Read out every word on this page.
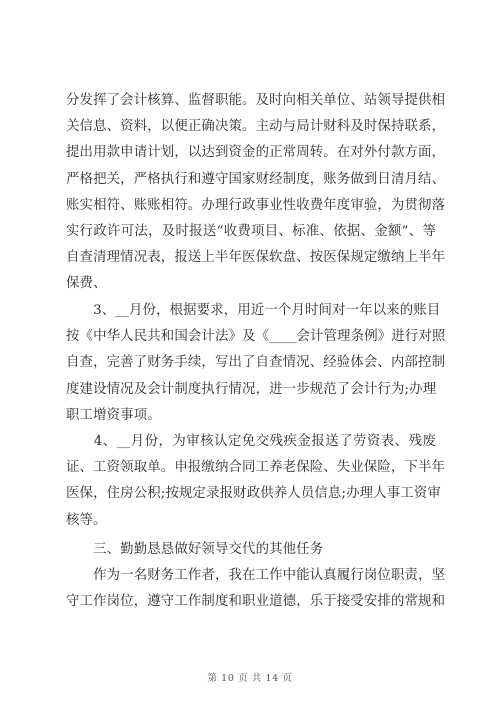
分发挥了会计核算、监督职能。及时向相关单位、站领导提供相
关信息、资料，以便正确决策。主动与局计财科及时保持联系，
提出用款申请计划，以达到资金的正常周转。在对外付款方面，
严格把关，严格执行和遵守国家财经制度，账务做到日清月结、
账实相符、账账相符。办理行政事业性收费年度审验，为贯彻落
实行政许可法，及时报送“收费项目、标准、依据、金额”、等
自查清理情况表，报送上半年医保软盘、按医保规定缴纳上半年
保费、
　　3、__月份，根据要求，用近一个月时间对一年以来的账目
按《中华人民共和国会计法》及《____会计管理条例》进行对照
自查，完善了财务手续，写出了自查情况、经验体会、内部控制
度建设情况及会计制度执行情况，进一步规范了会计行为;办理
职工增资事项。
　　4、__月份，为审核认定免交残疾金报送了劳资表、残废
证、工资领取单。申报缴纳合同工养老保险、失业保险，下半年
医保，住房公积;按规定录报财政供养人员信息;办理人事工资审
核等。
　　三、勤勤恳恳做好领导交代的其他任务
　　作为一名财务工作者，我在工作中能认真履行岗位职责，坚
守工作岗位，遵守工作制度和职业道德，乐于接受安排的常规和
第 10 页 共 14 页
